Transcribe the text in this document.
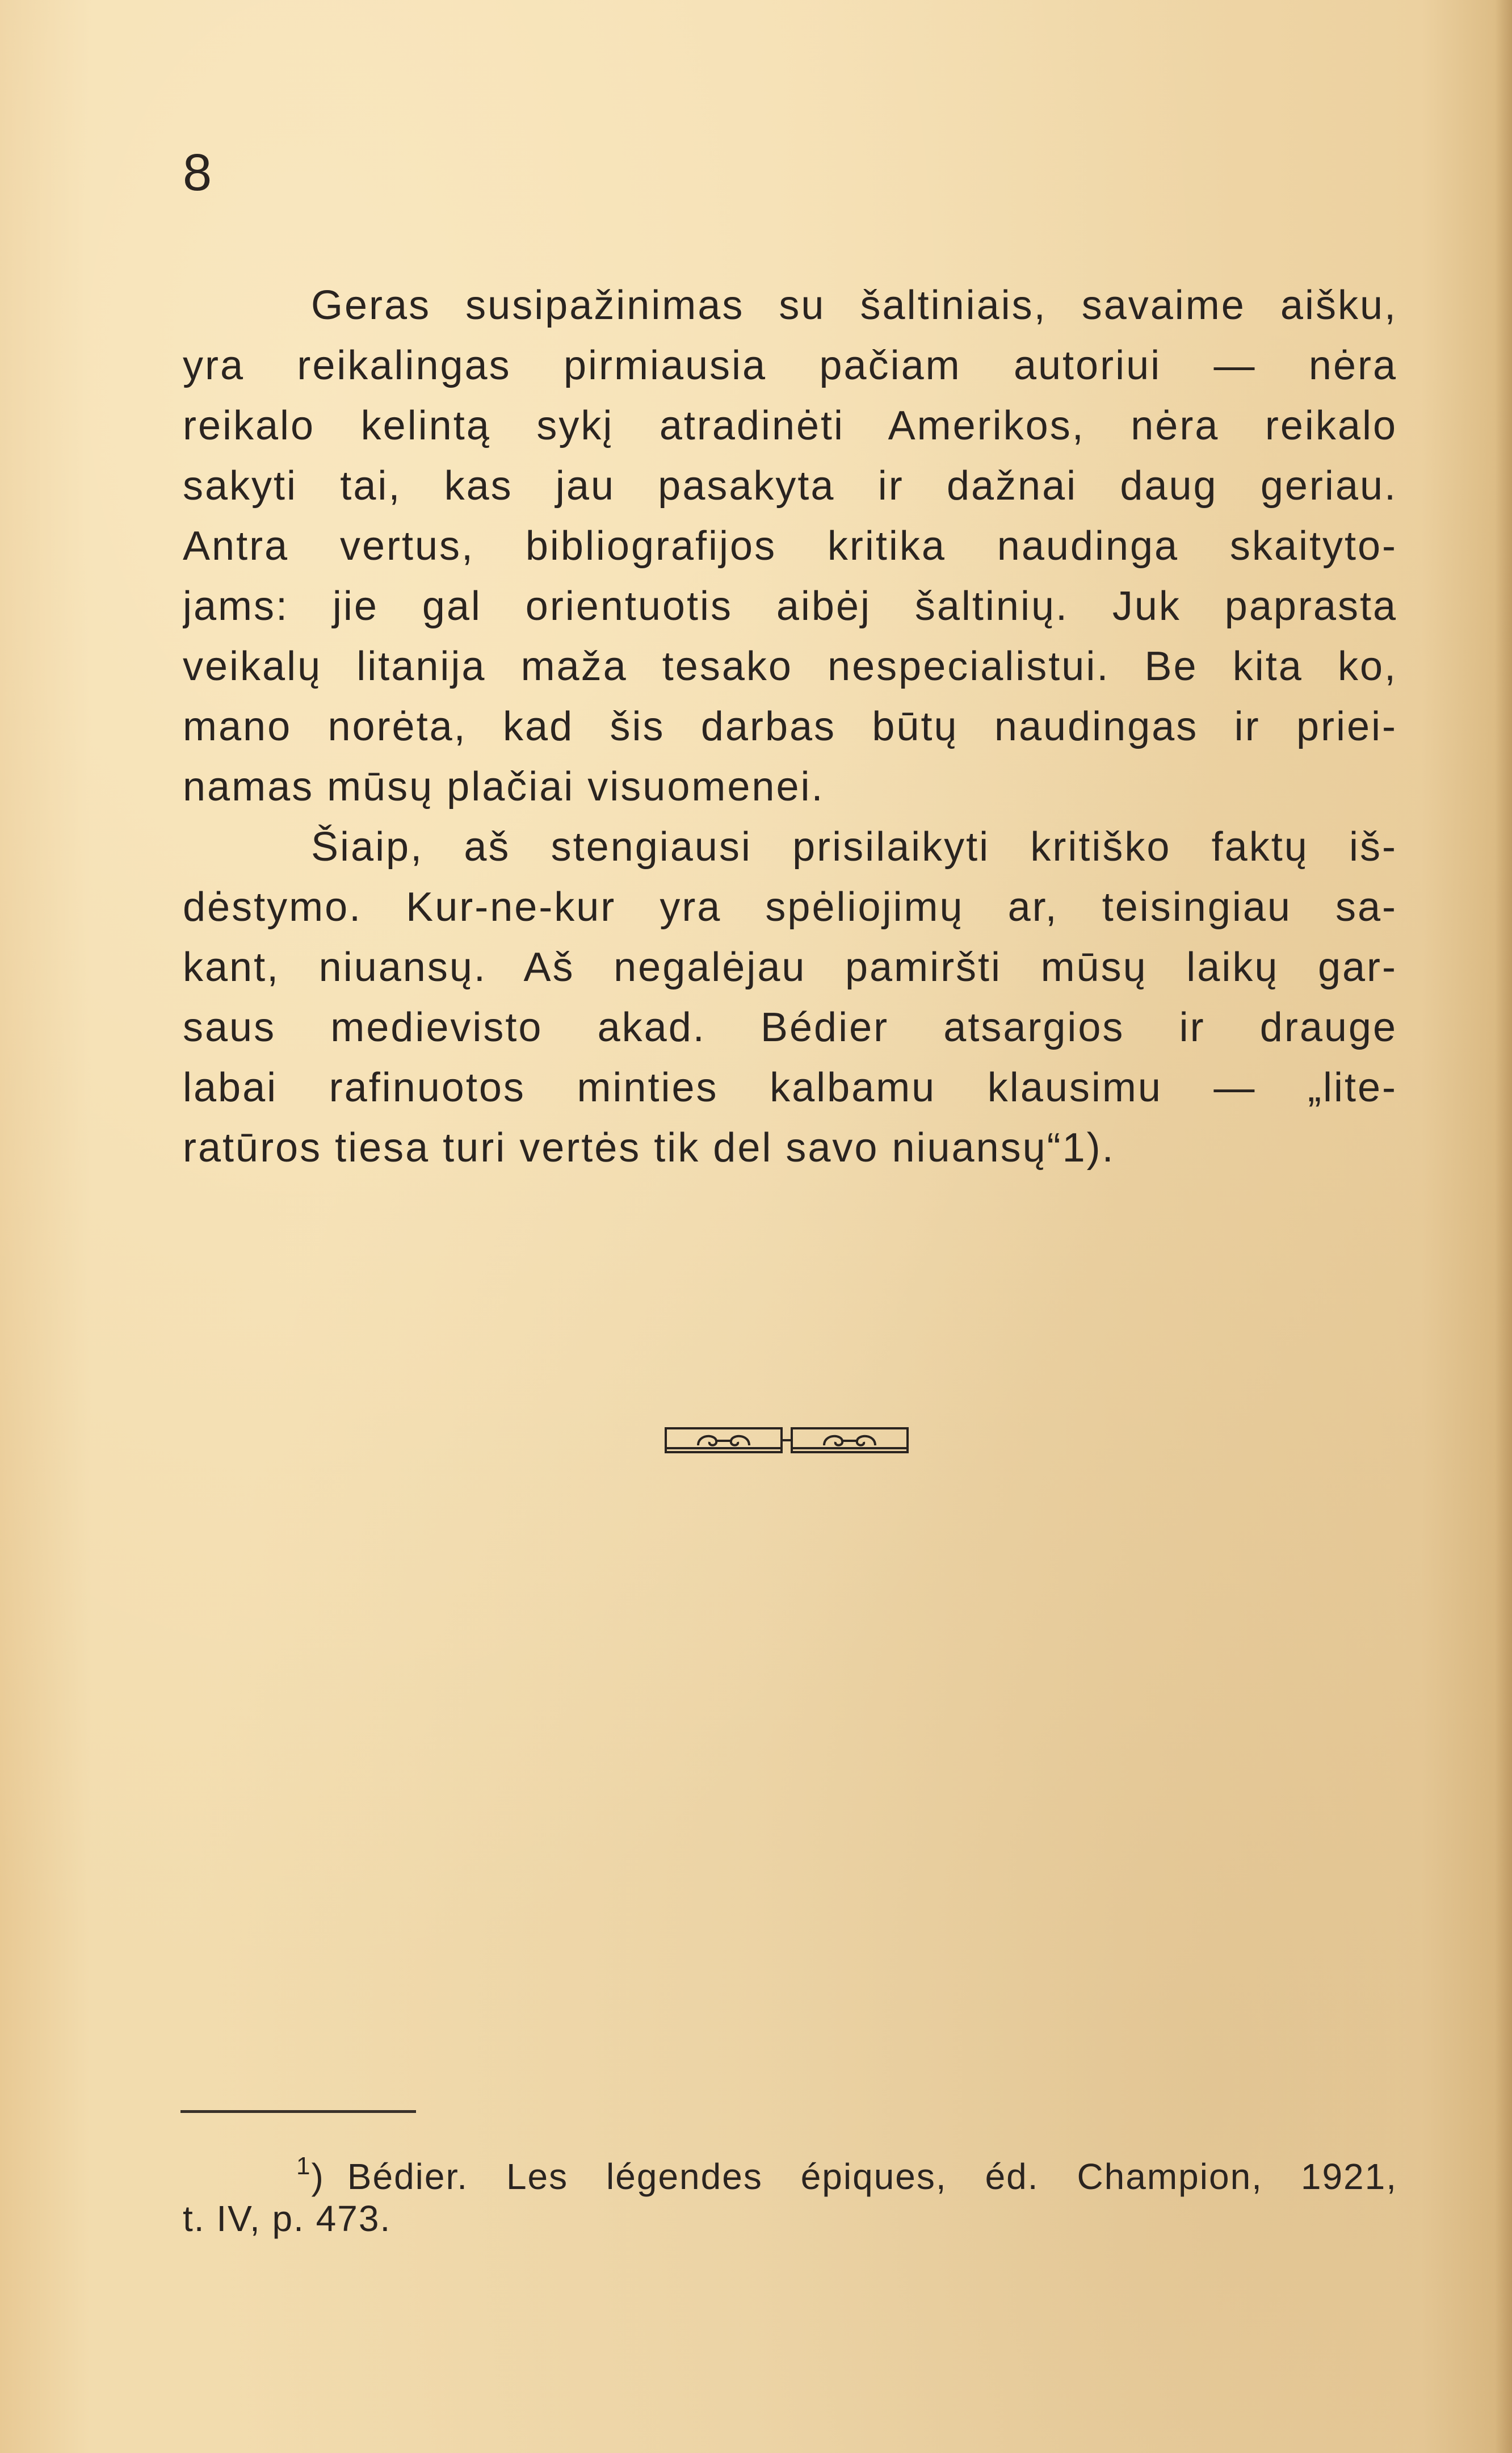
8
Geras susipažinimas su šaltiniais, savaime aišku,
yra reikalingas pirmiausia pačiam autoriui — nėra
reikalo kelintą sykį atradinėti Amerikos, nėra reikalo
sakyti tai, kas jau pasakyta ir dažnai daug geriau.
Antra vertus, bibliografijos kritika naudinga skaityto-
jams: jie gal orientuotis aibėj šaltinių. Juk paprasta
veikalų litanija maža tesako nespecialistui. Be kita ko,
mano norėta, kad šis darbas būtų naudingas ir priei-
namas mūsų plačiai visuomenei.
Šiaip, aš stengiausi prisilaikyti kritiško faktų iš-
dėstymo. Kur-ne-kur yra spėliojimų ar, teisingiau sa-
kant, niuansų. Aš negalėjau pamiršti mūsų laikų gar-
saus medievisto akad. Bédier atsargios ir drauge
labai rafinuotos minties kalbamu klausimu — „lite-
ratūros tiesa turi vertės tik del savo niuansų“1).
$^1$) Bédier. Les légendes épiques, éd. Champion, 1921,
t. IV, p. 473.
